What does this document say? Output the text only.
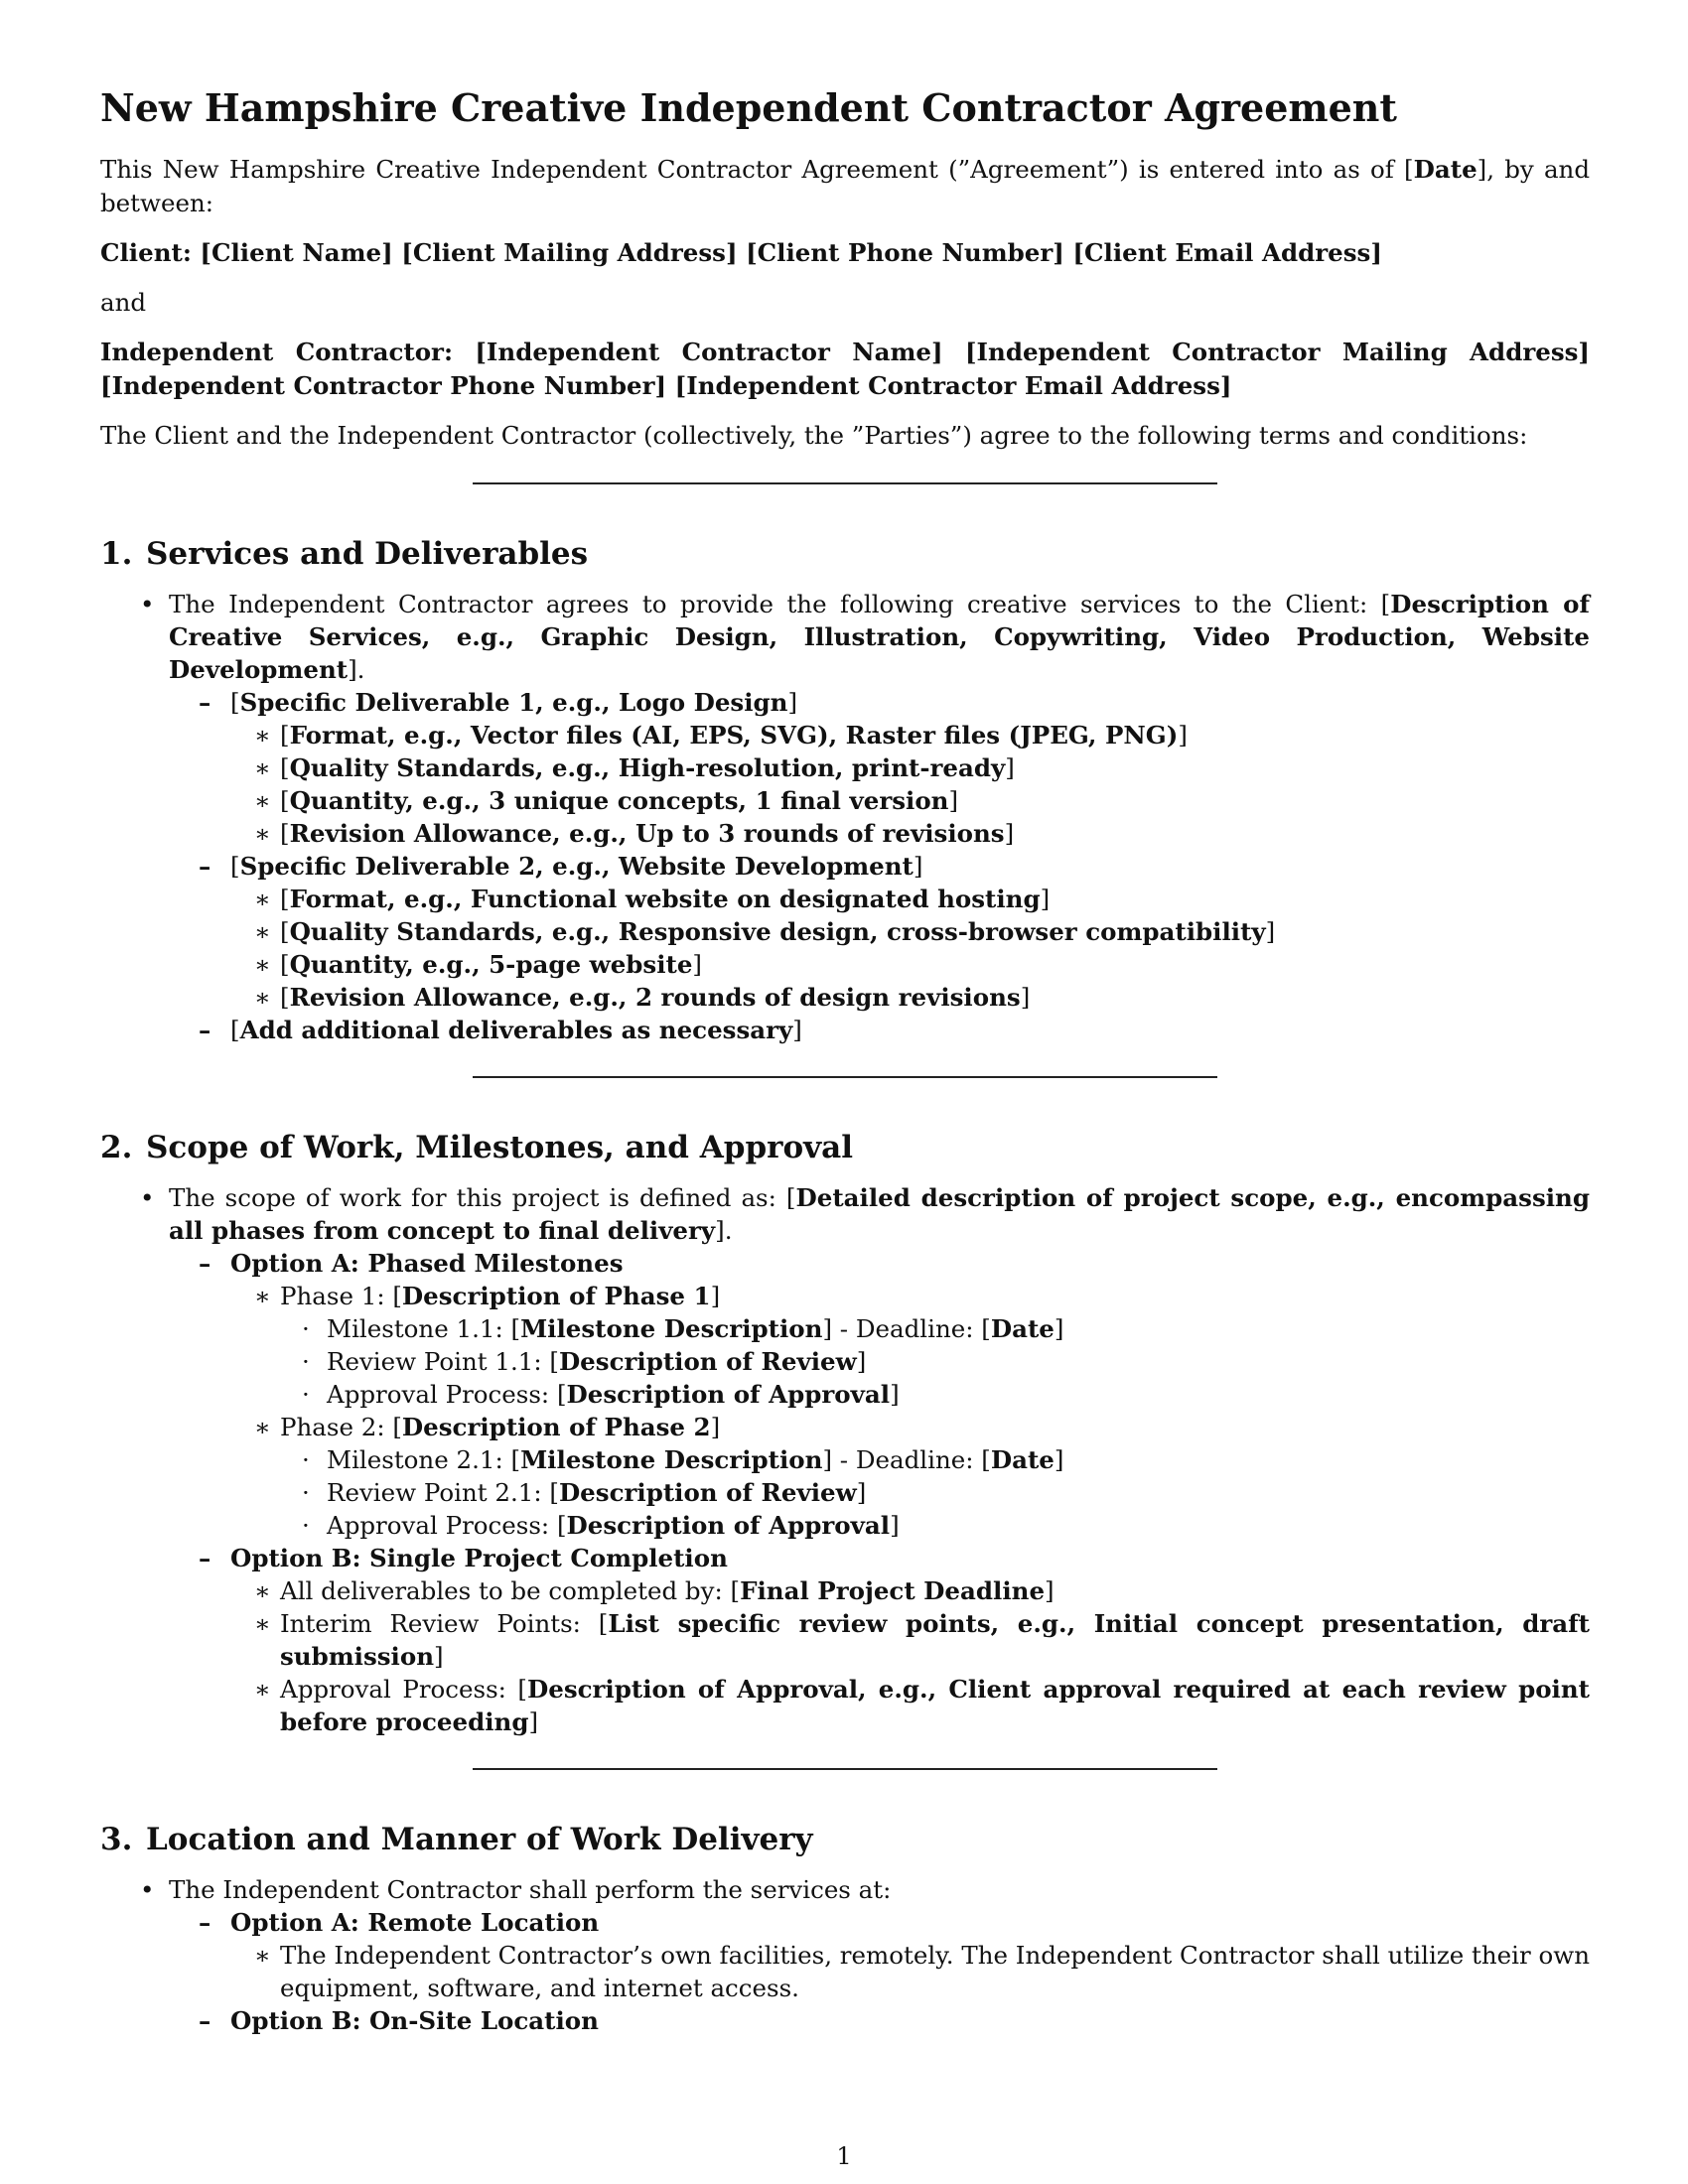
New Hampshire Creative Independent Contractor Agreement

This New Hampshire Creative Independent Contractor Agreement (”Agreement”) is entered into as of [Date], by and between:

Client: [Client Name] [Client Mailing Address] [Client Phone Number] [Client Email Address]

and

Independent Contractor: [Independent Contractor Name] [Independent Contractor Mailing Address] [Independent Contractor Phone Number] [Independent Contractor Email Address]

The Client and the Independent Contractor (collectively, the ”Parties”) agree to the following terms and conditions:

1. Services and Deliverables
• The Independent Contractor agrees to provide the following creative services to the Client: [Description of Creative Services, e.g., Graphic Design, Illustration, Copywriting, Video Production, Website Development].
– [Specific Deliverable 1, e.g., Logo Design]
∗ [Format, e.g., Vector files (AI, EPS, SVG), Raster files (JPEG, PNG)]
∗ [Quality Standards, e.g., High-resolution, print-ready]
∗ [Quantity, e.g., 3 unique concepts, 1 final version]
∗ [Revision Allowance, e.g., Up to 3 rounds of revisions]
– [Specific Deliverable 2, e.g., Website Development]
∗ [Format, e.g., Functional website on designated hosting]
∗ [Quality Standards, e.g., Responsive design, cross-browser compatibility]
∗ [Quantity, e.g., 5-page website]
∗ [Revision Allowance, e.g., 2 rounds of design revisions]
– [Add additional deliverables as necessary]
2. Scope of Work, Milestones, and Approval
• The scope of work for this project is defined as: [Detailed description of project scope, e.g., encompassing all phases from concept to final delivery].
– Option A: Phased Milestones
∗ Phase 1: [Description of Phase 1]
· Milestone 1.1: [Milestone Description] - Deadline: [Date]
· Review Point 1.1: [Description of Review]
· Approval Process: [Description of Approval]
∗ Phase 2: [Description of Phase 2]
· Milestone 2.1: [Milestone Description] - Deadline: [Date]
· Review Point 2.1: [Description of Review]
· Approval Process: [Description of Approval]
– Option B: Single Project Completion
∗ All deliverables to be completed by: [Final Project Deadline]
∗ Interim Review Points: [List specific review points, e.g., Initial concept presentation, draft submission]
∗ Approval Process: [Description of Approval, e.g., Client approval required at each review point before proceeding]
3. Location and Manner of Work Delivery
• The Independent Contractor shall perform the services at:
– Option A: Remote Location
∗ The Independent Contractor’s own facilities, remotely. The Independent Contractor shall utilize their own equipment, software, and internet access.
– Option B: On-Site Location
1
